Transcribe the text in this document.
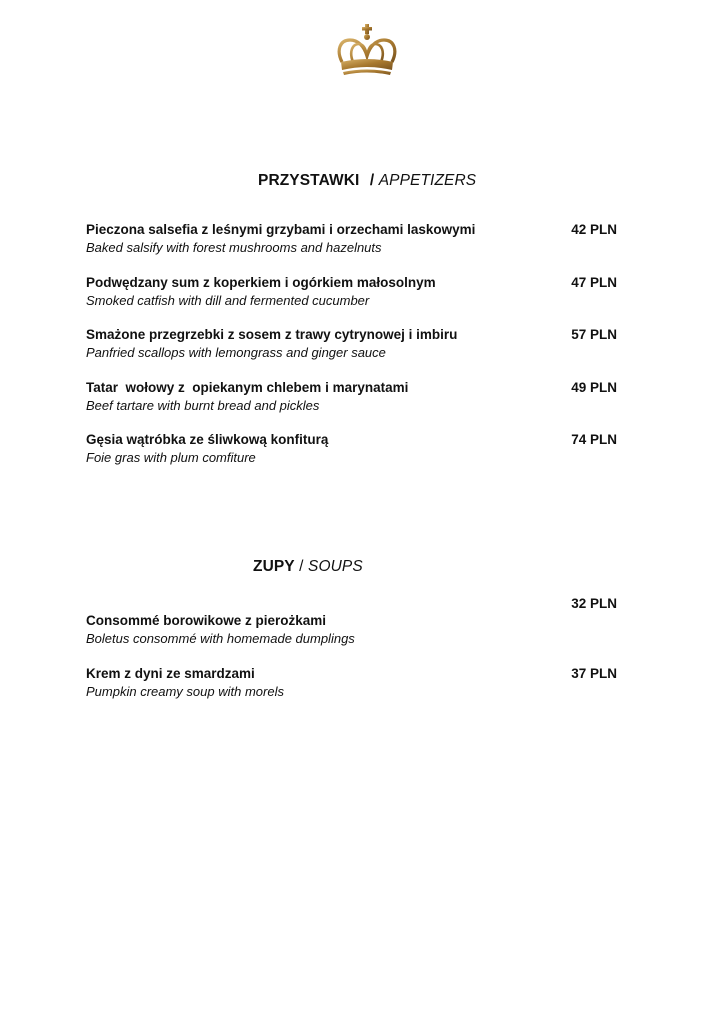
PRZYSTAWKI / APPETIZERS
Pieczona salsefia z leśnymi grzybami i orzechami laskowymi
Baked salsify with forest mushrooms and hazelnuts
42 PLN
Podwędzany sum z koperkiem i ogórkiem małosolnym
Smoked catfish with dill and fermented cucumber
47 PLN
Smażone przegrzebki z sosem z trawy cytrynowej i imbiru
Panfried scallops with lemongrass and ginger sauce
57 PLN
Tatar  wołowy z  opiekanym chlebem i marynatami
Beef tartare with burnt bread and pickles
49 PLN
Gęsia wątróbka ze śliwkową konfiturą
Foie gras with plum comfiture
74 PLN
ZUPY / SOUPS
32 PLN
Consommé borowikowe z pierożkami
Boletus consommé with homemade dumplings
Krem z dyni ze smardzami
Pumpkin creamy soup with morels
37 PLN
